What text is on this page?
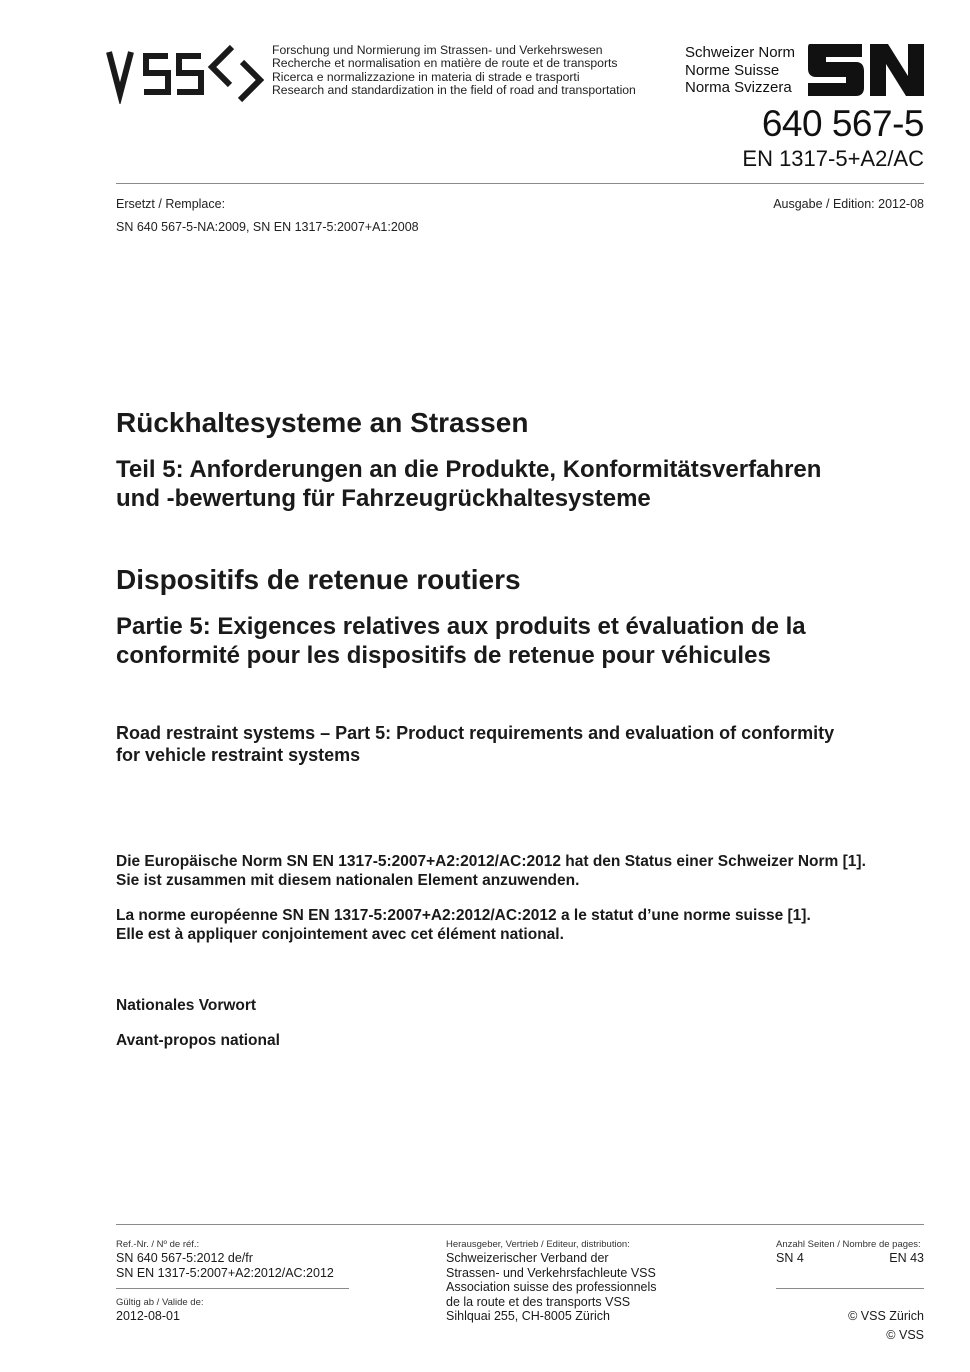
Forschung und Normierung im Strassen- und Verkehrswesen
Recherche et normalisation en matière de route et de transports
Ricerca e normalizzazione in materia di strade e trasporti
Research and standardization in the field of road and transportation
Schweizer Norm
Norme Suisse
Norma Svizzera
640 567-5
EN 1317-5+A2/AC
Ersetzt / Remplace:	Ausgabe / Edition: 2012-08
SN 640 567-5-NA:2009, SN EN 1317-5:2007+A1:2008
Rückhaltesysteme an Strassen
Teil 5: Anforderungen an die Produkte, Konformitätsverfahren
und -bewertung für Fahrzeugrückhaltesysteme
Dispositifs de retenue routiers
Partie 5: Exigences relatives aux produits et évaluation de la
conformité pour les dispositifs de retenue pour véhicules
Road restraint systems – Part 5: Product requirements and evaluation of conformity
for vehicle restraint systems
Die Europäische Norm SN EN 1317-5:2007+A2:2012/AC:2012 hat den Status einer Schweizer Norm [1].
Sie ist zusammen mit diesem nationalen Element anzuwenden.
La norme européenne SN EN 1317-5:2007+A2:2012/AC:2012 a le statut d’une norme suisse [1].
Elle est à appliquer conjointement avec cet élément national.
Nationales Vorwort
Avant-propos national
Ref.-Nr. / Nº de réf.:
SN 640 567-5:2012 de/fr
SN EN 1317-5:2007+A2:2012/AC:2012
Gültig ab / Valide de:
2012-08-01
Herausgeber, Vertrieb / Editeur, distribution:
Schweizerischer Verband der
Strassen- und Verkehrsfachleute VSS
Association suisse des professionnels
de la route et des transports VSS
Sihlquai 255, CH-8005 Zürich
Anzahl Seiten / Nombre de pages:
SN 4	EN 43
© VSS Zürich
© VSS
